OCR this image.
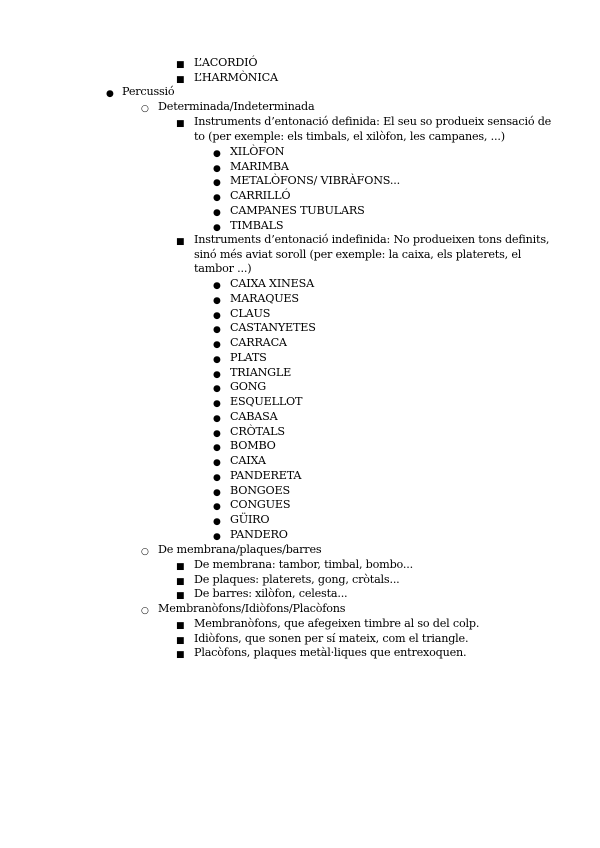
■ L’ACORDIÓ
■ L’HARMÒNICA
● Percussió
○ Determinada/Indeterminada
■ Instruments d’entonació definida: El seu so produeix sensació de
to (per exemple: els timbals, el xilòfon, les campanes, ...)
● XILÒFON
● MARIMBA
● METALÒFONS/ VIBRÀFONS...
● CARRILLÓ
● CAMPANES TUBULARS
● TIMBALS
■ Instruments d’entonació indefinida: No produeixen tons definits,
sinó més aviat soroll (per exemple: la caixa, els platerets, el
tambor ...)
● CAIXA XINESA
● MARAQUES
● CLAUS
● CASTANYETES
● CARRACA
● PLATS
● TRIANGLE
● GONG
● ESQUELLOT
● CABASA
● CRÒTALS
● BOMBO
● CAIXA
● PANDERETA
● BONGOES
● CONGUES
● GÜIRO
● PANDERO
○ De membrana/plaques/barres
■ De membrana: tambor, timbal, bombo...
■ De plaques: platerets, gong, cròtals...
■ De barres: xilòfon, celesta...
○ Membranòfons/Idiòfons/Placòfons
■ Membranòfons, que afegeixen timbre al so del colp.
■ Idiòfons, que sonen per sí mateix, com el triangle.
■ Placòfons, plaques metàl·liques que entrexoquen.
